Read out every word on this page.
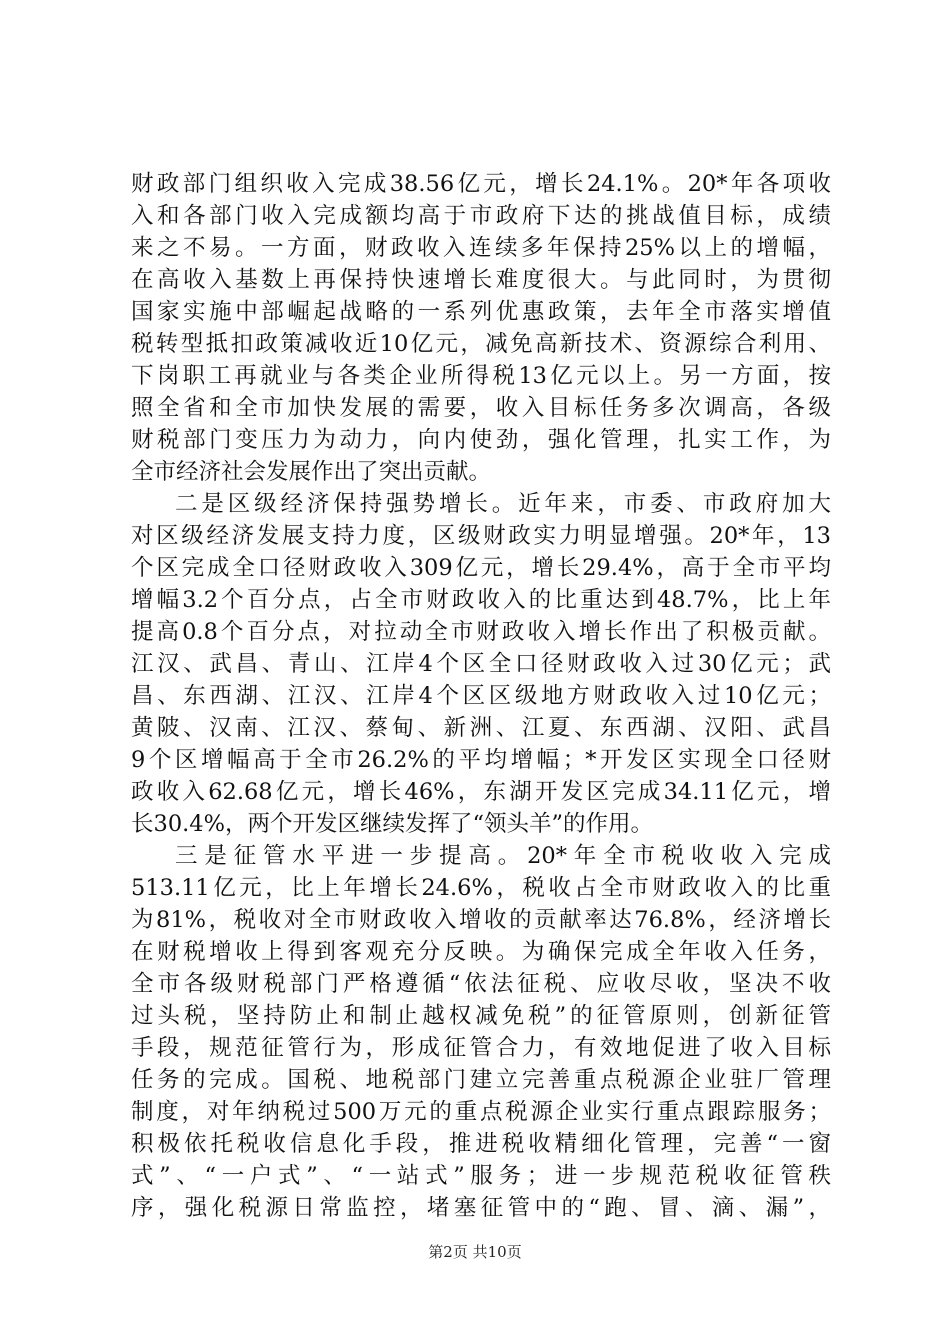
财政部门组织收入完成38.56亿元，增长24.1%。20*年各项收
入和各部门收入完成额均高于市政府下达的挑战值目标，成绩
来之不易。一方面，财政收入连续多年保持25%以上的增幅，
在高收入基数上再保持快速增长难度很大。与此同时，为贯彻
国家实施中部崛起战略的一系列优惠政策，去年全市落实增值
税转型抵扣政策减收近10亿元，减免高新技术、资源综合利用、
下岗职工再就业与各类企业所得税13亿元以上。另一方面，按
照全省和全市加快发展的需要，收入目标任务多次调高，各级
财税部门变压力为动力，向内使劲，强化管理，扎实工作，为
全市经济社会发展作出了突出贡献。
二是区级经济保持强势增长。近年来，市委、市政府加大
对区级经济发展支持力度，区级财政实力明显增强。20*年，13
个区完成全口径财政收入309亿元，增长29.4%，高于全市平均
增幅3.2个百分点，占全市财政收入的比重达到48.7%，比上年
提高0.8个百分点，对拉动全市财政收入增长作出了积极贡献。
江汉、武昌、青山、江岸4个区全口径财政收入过30亿元；武
昌、东西湖、江汉、江岸4个区区级地方财政收入过10亿元；
黄陂、汉南、江汉、蔡甸、新洲、江夏、东西湖、汉阳、武昌
9个区增幅高于全市26.2%的平均增幅；*开发区实现全口径财
政收入62.68亿元，增长46%，东湖开发区完成34.11亿元，增
长30.4%，两个开发区继续发挥了“领头羊”的作用。
三是征管水平进一步提高。20*年全市税收收入完成
513.11亿元，比上年增长24.6%，税收占全市财政收入的比重
为81%，税收对全市财政收入增收的贡献率达76.8%，经济增长
在财税增收上得到客观充分反映。为确保完成全年收入任务，
全市各级财税部门严格遵循“依法征税、应收尽收，坚决不收
过头税，坚持防止和制止越权减免税”的征管原则，创新征管
手段，规范征管行为，形成征管合力，有效地促进了收入目标
任务的完成。国税、地税部门建立完善重点税源企业驻厂管理
制度，对年纳税过500万元的重点税源企业实行重点跟踪服务；
积极依托税收信息化手段，推进税收精细化管理，完善“一窗
式”、“一户式”、“一站式”服务；进一步规范税收征管秩
序，强化税源日常监控，堵塞征管中的“跑、冒、滴、漏”，
第2页 共10页
